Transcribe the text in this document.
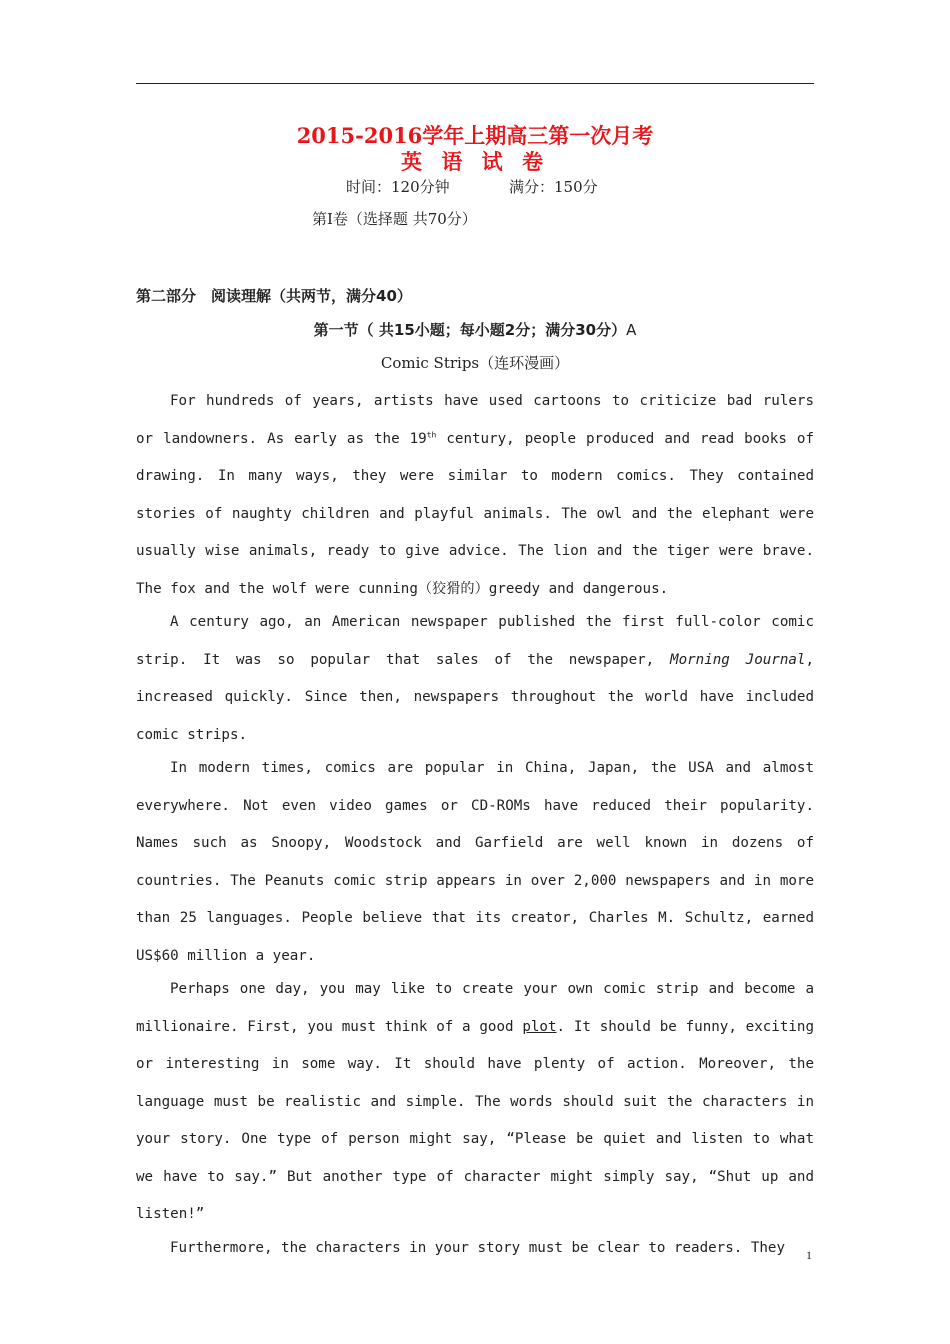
2015-2016学年上期高三第一次月考
英 语 试 卷
时间：120分钟	满分：150分
第Ⅰ卷（选择题 共70分）
第二部分　阅读理解（共两节，满分40）
第一节（ 共15小题；每小题2分；满分30分）A
Comic Strips（连环漫画）

For hundreds of years, artists have used cartoons to criticize bad rulers or landowners. As early as the 19th century, people produced and read books of drawing. In many ways, they were similar to modern comics. They contained stories of naughty children and playful animals. The owl and the elephant were usually wise animals, ready to give advice. The lion and the tiger were brave. The fox and the wolf were cunning（狡猾的）greedy and dangerous.

A century ago, an American newspaper published the first full-color comic strip. It was so popular that sales of the newspaper, Morning Journal, increased quickly. Since then, newspapers throughout the world have included comic strips.

In modern times, comics are popular in China, Japan, the USA and almost everywhere. Not even video games or CD-ROMs have reduced their popularity. Names such as Snoopy, Woodstock and Garfield are well known in dozens of countries. The Peanuts comic strip appears in over 2,000 newspapers and in more than 25 languages. People believe that its creator, Charles M. Schultz, earned US$60 million a year.

Perhaps one day, you may like to create your own comic strip and become a millionaire. First, you must think of a good plot. It should be funny, exciting or interesting in some way. It should have plenty of action. Moreover, the language must be realistic and simple. The words should suit the characters in your story. One type of person might say, “Please be quiet and listen to what we have to say.” But another type of character might simply say, “Shut up and listen!”

Furthermore, the characters in your story must be clear to readers. They	1
